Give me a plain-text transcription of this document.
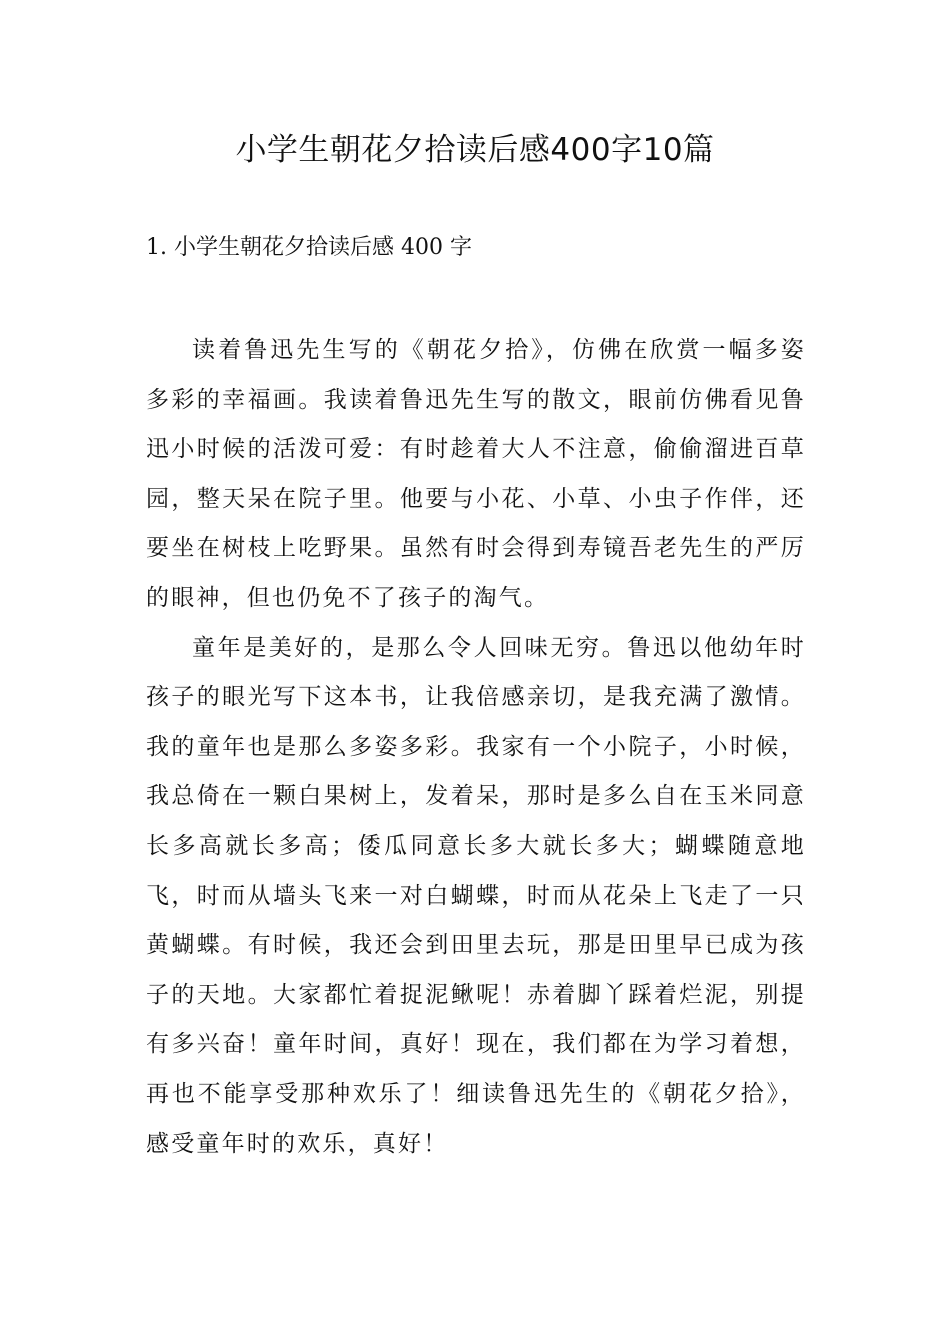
小学生朝花夕拾读后感400字10篇
1. 小学生朝花夕拾读后感 400 字

读着鲁迅先生写的《朝花夕拾》，仿佛在欣赏一幅多姿多彩的幸福画。我读着鲁迅先生写的散文，眼前仿佛看见鲁迅小时候的活泼可爱：有时趁着大人不注意，偷偷溜进百草园，整天呆在院子里。他要与小花、小草、小虫子作伴，还要坐在树枝上吃野果。虽然有时会得到寿镜吾老先生的严厉的眼神，但也仍免不了孩子的淘气。

童年是美好的，是那么令人回味无穷。鲁迅以他幼年时孩子的眼光写下这本书，让我倍感亲切，是我充满了激情。我的童年也是那么多姿多彩。我家有一个小院子，小时候，我总倚在一颗白果树上，发着呆，那时是多么自在玉米同意长多高就长多高；倭瓜同意长多大就长多大；蝴蝶随意地飞，时而从墙头飞来一对白蝴蝶，时而从花朵上飞走了一只黄蝴蝶。有时候，我还会到田里去玩，那是田里早已成为孩子的天地。大家都忙着捉泥鳅呢！赤着脚丫踩着烂泥，别提有多兴奋！童年时间，真好！现在，我们都在为学习着想，再也不能享受那种欢乐了！细读鲁迅先生的《朝花夕拾》，感受童年时的欢乐，真好！
